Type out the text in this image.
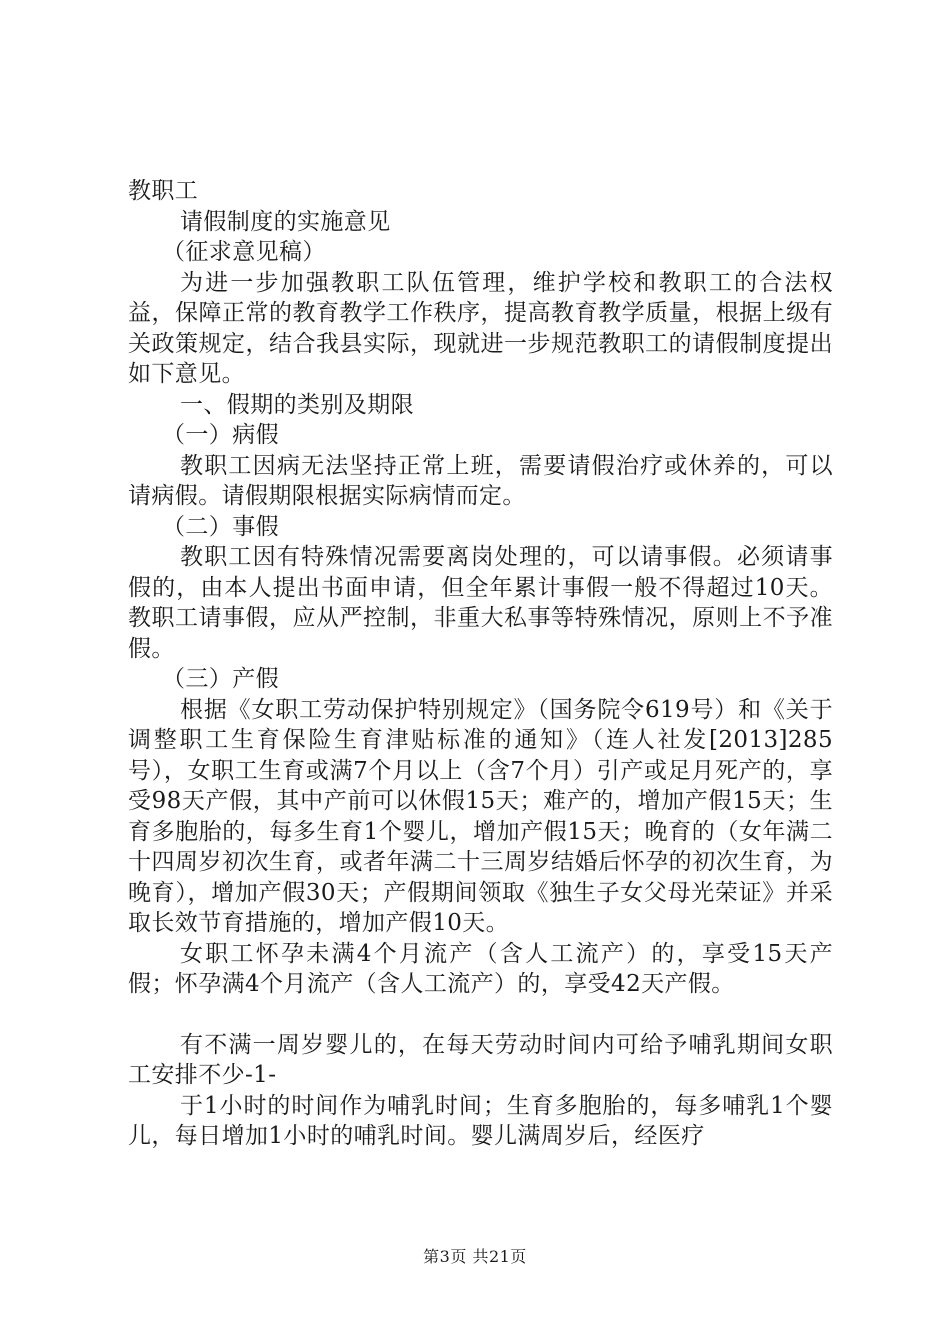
教职工

请假制度的实施意见

（征求意见稿）

为进一步加强教职工队伍管理，维护学校和教职工的合法权益，保障正常的教育教学工作秩序，提高教育教学质量，根据上级有关政策规定，结合我县实际，现就进一步规范教职工的请假制度提出如下意见。

一、假期的类别及期限

（一）病假

教职工因病无法坚持正常上班，需要请假治疗或休养的，可以请病假。请假期限根据实际病情而定。

（二）事假

教职工因有特殊情况需要离岗处理的，可以请事假。必须请事假的，由本人提出书面申请，但全年累计事假一般不得超过10天。教职工请事假，应从严控制，非重大私事等特殊情况，原则上不予准假。

（三）产假

根据《女职工劳动保护特别规定》（国务院令619号）和《关于调整职工生育保险生育津贴标准的通知》（连人社发[2013]285号），女职工生育或满7个月以上（含7个月）引产或足月死产的，享受98天产假，其中产前可以休假15天；难产的，增加产假15天；生育多胞胎的，每多生育1个婴儿，增加产假15天；晚育的（女年满二十四周岁初次生育，或者年满二十三周岁结婚后怀孕的初次生育，为晚育），增加产假30天；产假期间领取《独生子女父母光荣证》并采取长效节育措施的，增加产假10天。

女职工怀孕未满4个月流产（含人工流产）的，享受15天产假；怀孕满4个月流产（含人工流产）的，享受42天产假。

有不满一周岁婴儿的，在每天劳动时间内可给予哺乳期间女职工安排不少-1-

于1小时的时间作为哺乳时间；生育多胞胎的，每多哺乳1个婴儿，每日增加1小时的哺乳时间。婴儿满周岁后，经医疗

第3页 共21页
